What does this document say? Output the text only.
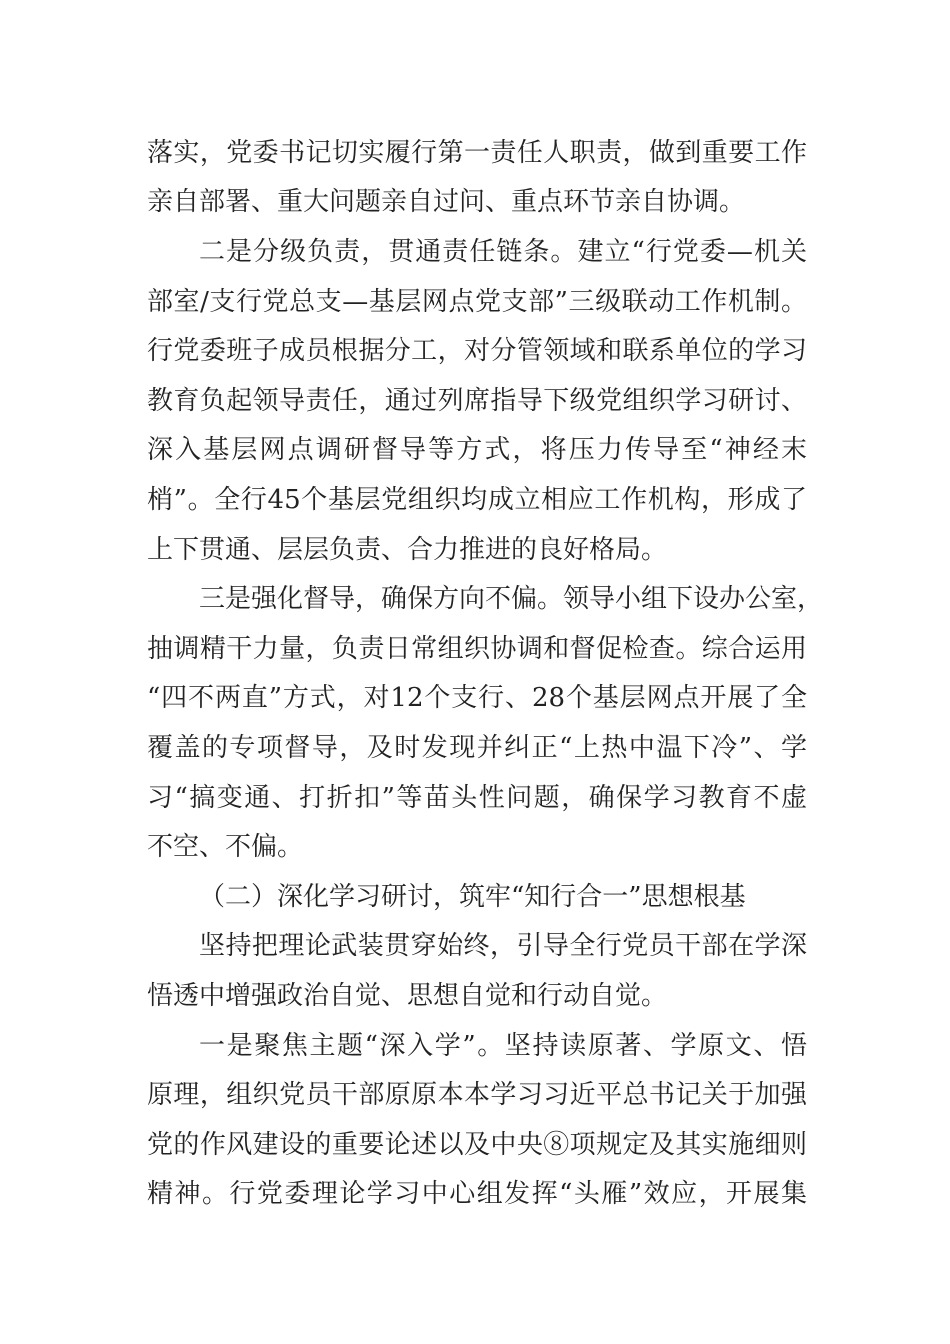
落实，党委书记切实履行第一责任人职责，做到重要工作
亲自部署、重大问题亲自过问、重点环节亲自协调。
二是分级负责，贯通责任链条。建立“行党委—机关
部室/支行党总支—基层网点党支部”三级联动工作机制。
行党委班子成员根据分工，对分管领域和联系单位的学习
教育负起领导责任，通过列席指导下级党组织学习研讨、
深入基层网点调研督导等方式，将压力传导至“神经末
梢”。全行45个基层党组织均成立相应工作机构，形成了
上下贯通、层层负责、合力推进的良好格局。
三是强化督导，确保方向不偏。领导小组下设办公室，
抽调精干力量，负责日常组织协调和督促检查。综合运用
“四不两直”方式，对12个支行、28个基层网点开展了全
覆盖的专项督导，及时发现并纠正“上热中温下冷”、学
习“搞变通、打折扣”等苗头性问题，确保学习教育不虚
不空、不偏。
（二）深化学习研讨，筑牢“知行合一”思想根基
坚持把理论武装贯穿始终，引导全行党员干部在学深
悟透中增强政治自觉、思想自觉和行动自觉。
一是聚焦主题“深入学”。坚持读原著、学原文、悟
原理，组织党员干部原原本本学习习近平总书记关于加强
党的作风建设的重要论述以及中央⑧项规定及其实施细则
精神。行党委理论学习中心组发挥“头雁”效应，开展集
